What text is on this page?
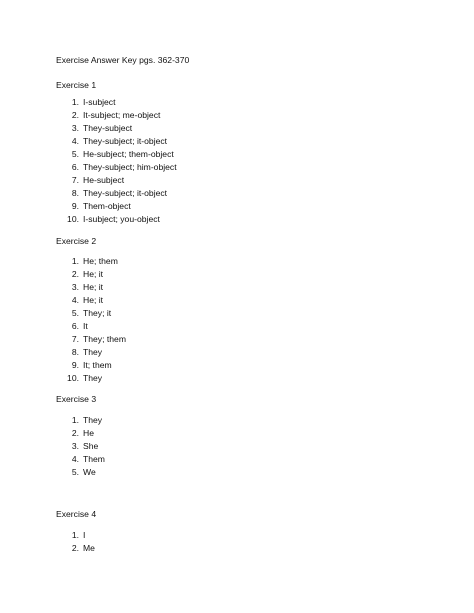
Exercise Answer Key pgs. 362-370
Exercise 1
1. I-subject
2. It-subject; me-object
3. They-subject
4. They-subject; it-object
5. He-subject; them-object
6. They-subject; him-object
7. He-subject
8. They-subject; it-object
9. Them-object
10. I-subject; you-object
Exercise 2
1. He; them
2. He; it
3. He; it
4. He; it
5. They; it
6. It
7. They; them
8. They
9. It; them
10. They
Exercise 3
1. They
2. He
3. She
4. Them
5. We
Exercise 4
1. I
2. Me
